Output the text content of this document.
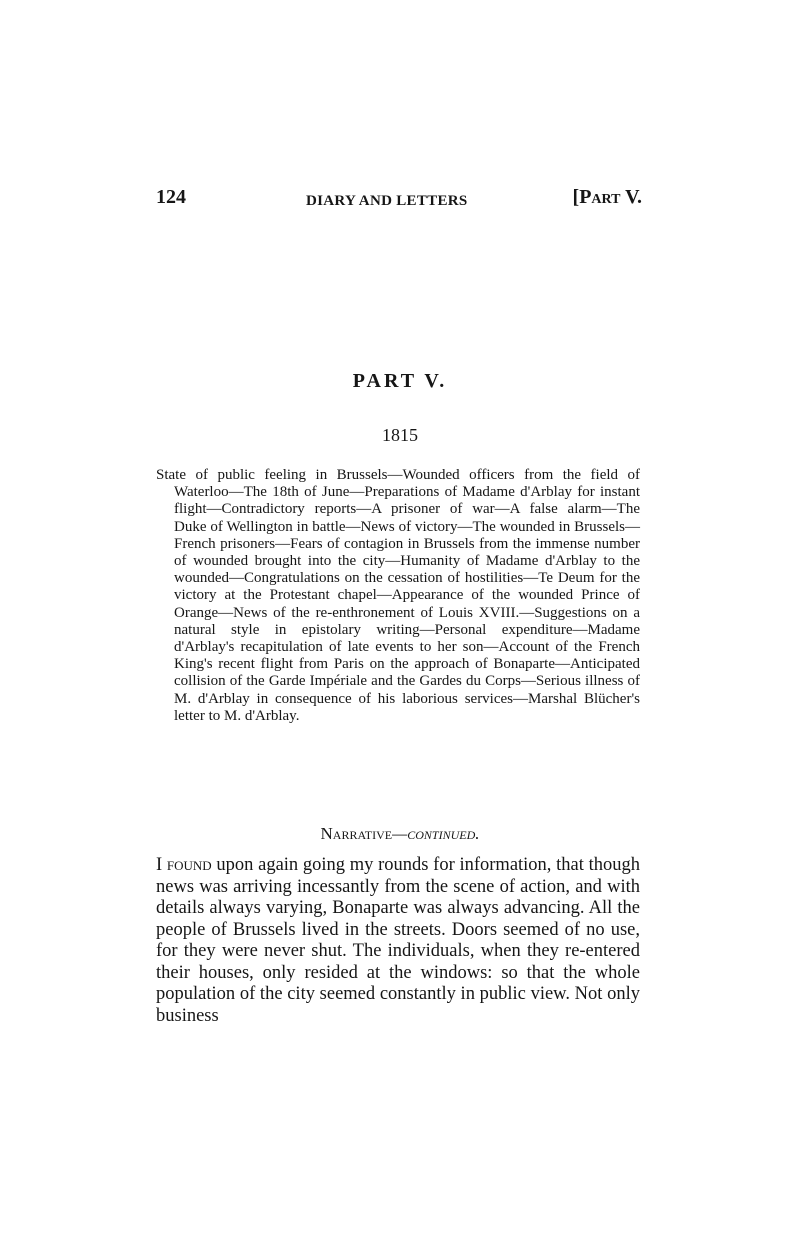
124	DIARY AND LETTERS	[Part V.
PART V.
1815

State of public feeling in Brussels—Wounded officers from the field of Waterloo—The 18th of June—Preparations of Madame d'Arblay for instant flight—Contradictory reports—A prisoner of war—A false alarm—The Duke of Wellington in battle—News of victory—The wounded in Brussels—French prisoners—Fears of contagion in Brussels from the immense number of wounded brought into the city—Humanity of Madame d'Arblay to the wounded—Congratulations on the cessation of hostilities—Te Deum for the victory at the Protestant chapel—Appearance of the wounded Prince of Orange—News of the re-enthronement of Louis XVIII.—Suggestions on a natural style in epistolary writing—Personal expenditure—Madame d'Arblay's recapitulation of late events to her son—Account of the French King's recent flight from Paris on the approach of Bonaparte—Anticipated collision of the Garde Impériale and the Gardes du Corps—Serious illness of M. d'Arblay in consequence of his laborious services—Marshal Blücher's letter to M. d'Arblay.

Narrative—continued.

I found upon again going my rounds for information, that though news was arriving incessantly from the scene of action, and with details always varying, Bonaparte was always advancing. All the people of Brussels lived in the streets. Doors seemed of no use, for they were never shut. The individuals, when they re-entered their houses, only resided at the windows: so that the whole population of the city seemed constantly in public view. Not only business
